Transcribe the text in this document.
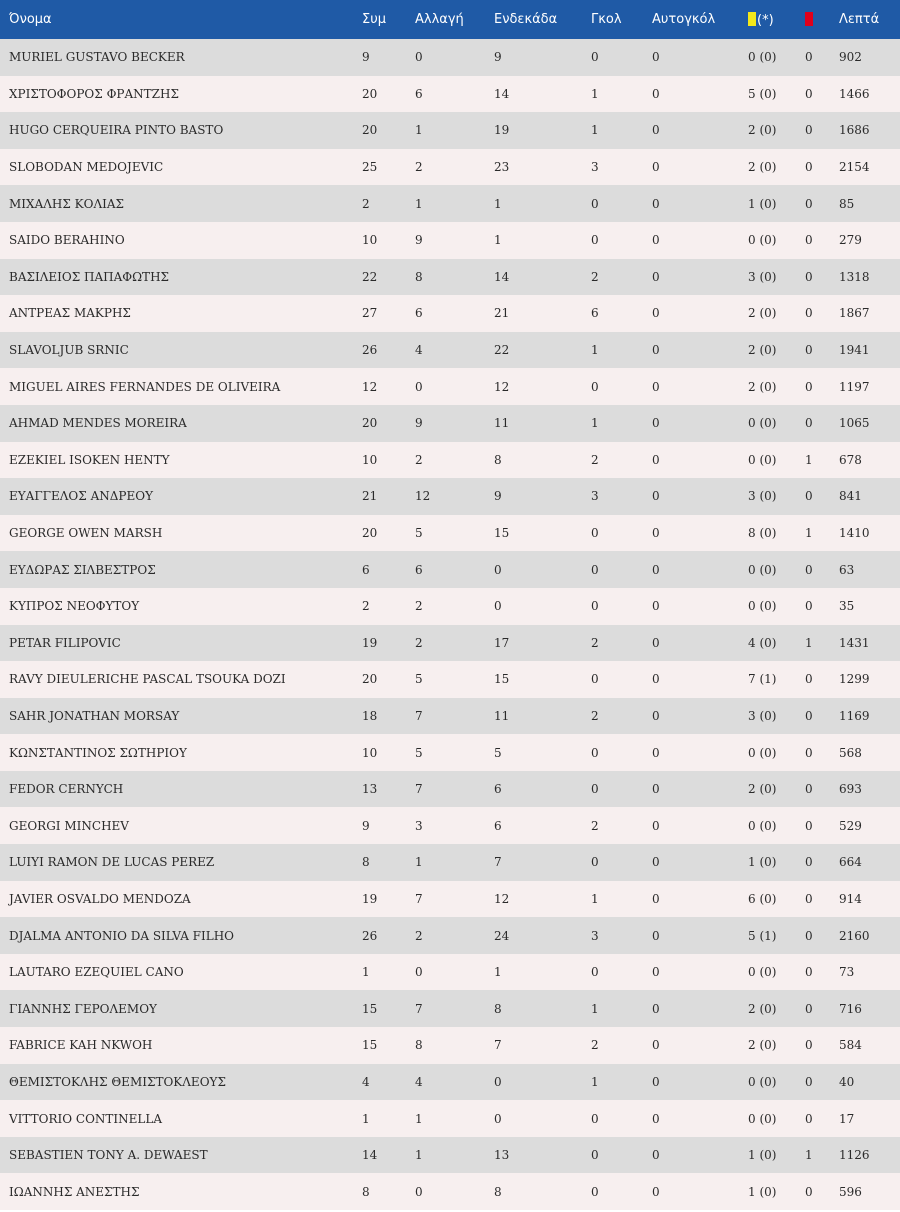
Όνομα	Συμ	Αλλαγή	Ενδεκάδα	Γκολ	Αυτογκόλ	(*)		Λεπτά
MURIEL GUSTAVO BECKER	9	0	9	0	0	0 (0)	0	902
ΧΡΙΣΤΟΦΟΡΟΣ ΦΡΑΝΤΖΗΣ	20	6	14	1	0	5 (0)	0	1466
HUGO CERQUEIRA PINTO BASTO	20	1	19	1	0	2 (0)	0	1686
SLOBODAN MEDOJEVIC	25	2	23	3	0	2 (0)	0	2154
ΜΙΧΑΛΗΣ ΚΟΛΙΑΣ	2	1	1	0	0	1 (0)	0	85
SAIDO BERAHINO	10	9	1	0	0	0 (0)	0	279
ΒΑΣΙΛΕΙΟΣ ΠΑΠΑΦΩΤΗΣ	22	8	14	2	0	3 (0)	0	1318
ΑΝΤΡΕΑΣ ΜΑΚΡΗΣ	27	6	21	6	0	2 (0)	0	1867
SLAVOLJUB SRNIC	26	4	22	1	0	2 (0)	0	1941
MIGUEL AIRES FERNANDES DE OLIVEIRA	12	0	12	0	0	2 (0)	0	1197
AHMAD MENDES MOREIRA	20	9	11	1	0	0 (0)	0	1065
EZEKIEL ISOKEN HENTY	10	2	8	2	0	0 (0)	1	678
ΕΥΑΓΓΕΛΟΣ ΑΝΔΡΕΟΥ	21	12	9	3	0	3 (0)	0	841
GEORGE OWEN MARSH	20	5	15	0	0	8 (0)	1	1410
ΕΥΔΩΡΑΣ ΣΙΛΒΕΣΤΡΟΣ	6	6	0	0	0	0 (0)	0	63
ΚΥΠΡΟΣ ΝΕΟΦΥΤΟΥ	2	2	0	0	0	0 (0)	0	35
PETAR FILIPOVIC	19	2	17	2	0	4 (0)	1	1431
RAVY DIEULERICHE PASCAL TSOUKA DOZI	20	5	15	0	0	7 (1)	0	1299
SAHR JONATHAN MORSAY	18	7	11	2	0	3 (0)	0	1169
ΚΩΝΣΤΑΝΤΙΝΟΣ ΣΩΤΗΡΙΟΥ	10	5	5	0	0	0 (0)	0	568
FEDOR CERNYCH	13	7	6	0	0	2 (0)	0	693
GEORGI MINCHEV	9	3	6	2	0	0 (0)	0	529
LUIYI RAMON DE LUCAS PEREZ	8	1	7	0	0	1 (0)	0	664
JAVIER OSVALDO MENDOZA	19	7	12	1	0	6 (0)	0	914
DJALMA ANTONIO DA SILVA FILHO	26	2	24	3	0	5 (1)	0	2160
LAUTARO EZEQUIEL CANO	1	0	1	0	0	0 (0)	0	73
ΓΙΑΝΝΗΣ ΓΕΡΟΛΕΜΟΥ	15	7	8	1	0	2 (0)	0	716
FABRICE KAH NKWOH	15	8	7	2	0	2 (0)	0	584
ΘΕΜΙΣΤΟΚΛΗΣ ΘΕΜΙΣΤΟΚΛΕΟΥΣ	4	4	0	1	0	0 (0)	0	40
VITTORIO CONTINELLA	1	1	0	0	0	0 (0)	0	17
SEBASTIEN TONY A. DEWAEST	14	1	13	0	0	1 (0)	1	1126
ΙΩΑΝΝΗΣ ΑΝΕΣΤΗΣ	8	0	8	0	0	1 (0)	0	596
